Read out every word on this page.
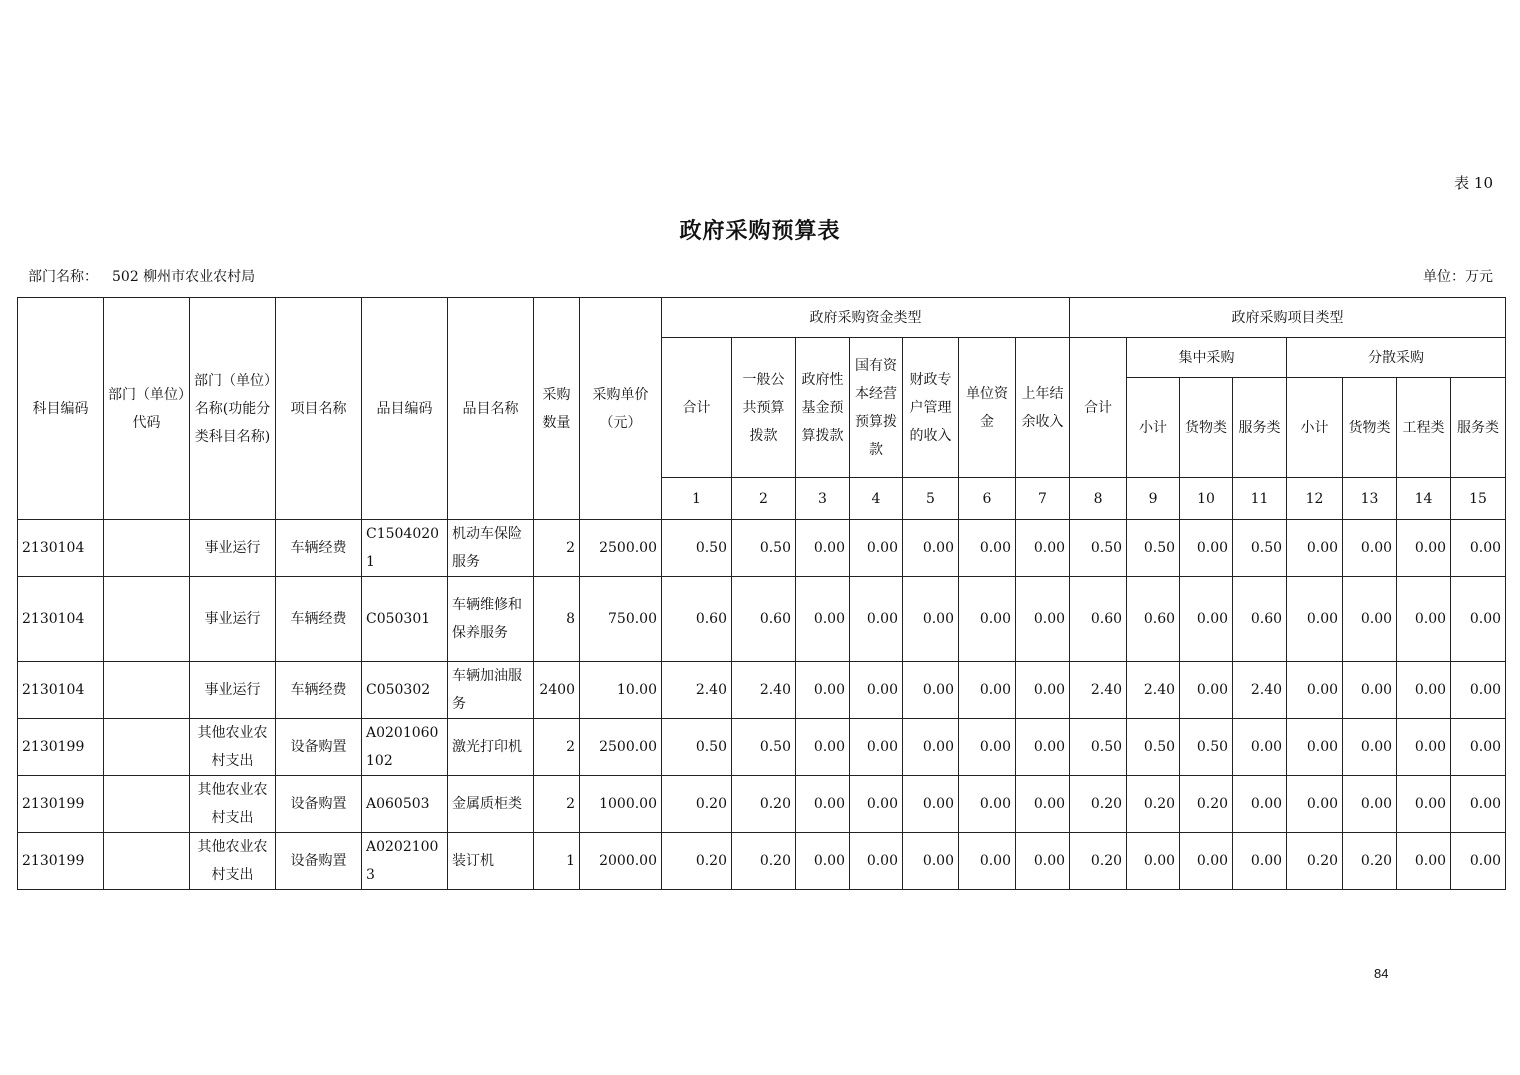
表 10
政府采购预算表
部门名称： 502 柳州市农业农村局	单位：万元
科目编码	部门（单位）代码	部门（单位）名称(功能分类科目名称)	项目名称	品目编码	品目名称	采购数量	采购单价（元）	政府采购资金类型							政府采购项目类型							
								合计	一般公共预算拨款	政府性基金预算拨款	国有资本经营预算拨款	财政专户管理的收入	单位资金	上年结余收入	合计	集中采购			分散采购			
																小计	货物类	服务类	小计	货物类	工程类	服务类
								1	2	3	4	5	6	7	8	9	10	11	12	13	14	15
2130104		事业运行	车辆经费	C15040201	机动车保险服务	2	2500.00	0.50	0.50	0.00	0.00	0.00	0.00	0.00	0.50	0.50	0.00	0.50	0.00	0.00	0.00	0.00
2130104		事业运行	车辆经费	C050301	车辆维修和保养服务	8	750.00	0.60	0.60	0.00	0.00	0.00	0.00	0.00	0.60	0.60	0.00	0.60	0.00	0.00	0.00	0.00
2130104		事业运行	车辆经费	C050302	车辆加油服务	2400	10.00	2.40	2.40	0.00	0.00	0.00	0.00	0.00	2.40	2.40	0.00	2.40	0.00	0.00	0.00	0.00
2130199		其他农业农村支出	设备购置	A0201060102	激光打印机	2	2500.00	0.50	0.50	0.00	0.00	0.00	0.00	0.00	0.50	0.50	0.50	0.00	0.00	0.00	0.00	0.00
2130199		其他农业农村支出	设备购置	A060503	金属质柜类	2	1000.00	0.20	0.20	0.00	0.00	0.00	0.00	0.00	0.20	0.20	0.20	0.00	0.00	0.00	0.00	0.00
2130199		其他农业农村支出	设备购置	A02021003	装订机	1	2000.00	0.20	0.20	0.00	0.00	0.00	0.00	0.00	0.20	0.00	0.00	0.00	0.20	0.20	0.00	0.00
84
